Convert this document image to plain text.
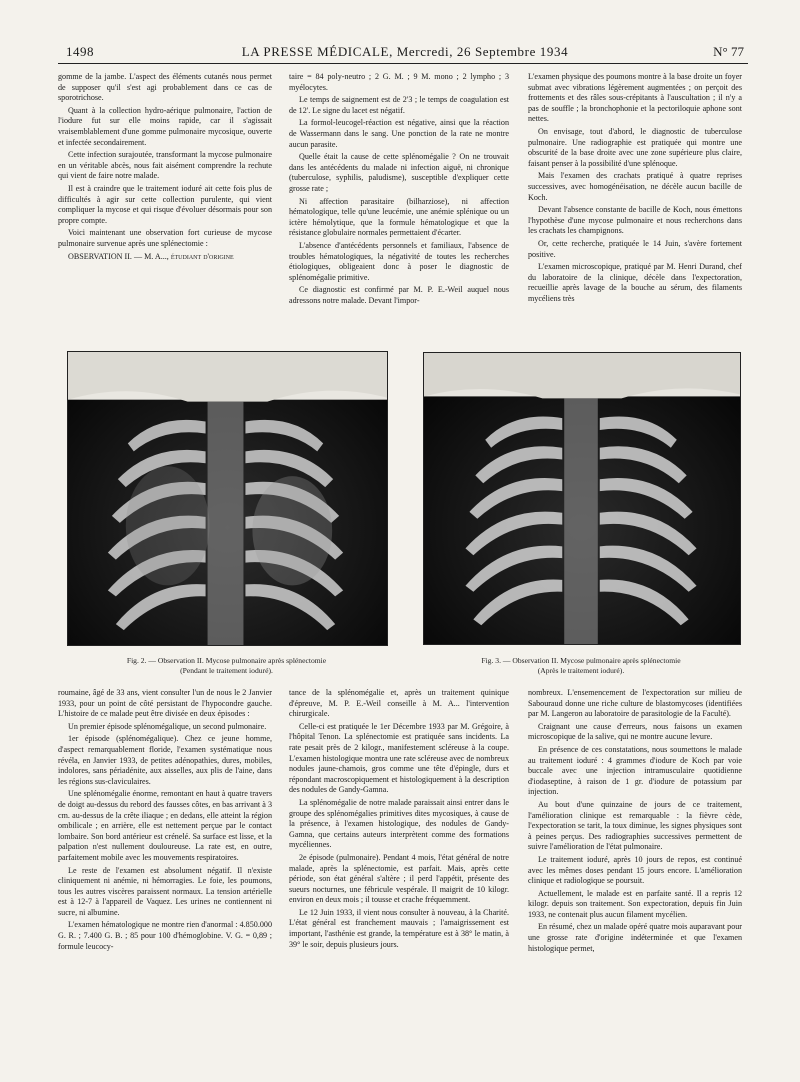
1498	LA PRESSE MÉDICALE, Mercredi, 26 Septembre 1934	N° 77

gomme de la jambe. L'aspect des éléments cutanés nous permet de supposer qu'il s'est agi probablement dans ce cas de sporotrichose.

Quant à la collection hydro-aérique pulmonaire, l'action de l'iodure fut sur elle moins rapide, car il s'agissait vraisemblablement d'une gomme pulmonaire mycosique, ouverte et infectée secondairement.

Cette infection surajoutée, transformant la mycose pulmonaire en un véritable abcès, nous fait aisément comprendre la rechute qui vient de faire notre malade.

Il est à craindre que le traitement ioduré ait cette fois plus de difficultés à agir sur cette collection purulente, qui vient compliquer la mycose et qui risque d'évoluer désormais pour son propre compte.

Voici maintenant une observation fort curieuse de mycose pulmonaire survenue après une splénectomie :

OBSERVATION II. — M. A..., étudiant d'origine

taire = 84 poly-neutro ; 2 G. M. ; 9 M. mono ; 2 lympho ; 3 myélocytes.

Le temps de saignement est de 2'3 ; le temps de coagulation est de 12'. Le signe du lacet est négatif.

La formol-leucogel-réaction est négative, ainsi que la réaction de Wassermann dans le sang. Une ponction de la rate ne montre aucun parasite.

Quelle était la cause de cette splénomégalie ? On ne trouvait dans les antécédents du malade ni infection aiguë, ni chronique (tuberculose, syphilis, paludisme), susceptible d'expliquer cette grosse rate ;

Ni affection parasitaire (bilharziose), ni affection hématologique, telle qu'une leucémie, une anémie splénique ou un ictère hémolytique, que la formule hématologique et que la résistance globulaire normales permettaient d'écarter.

L'absence d'antécédents personnels et familiaux, l'absence de troubles hématologiques, la négativité de toutes les recherches étiologiques, obligeaient donc à poser le diagnostic de splénomégalie primitive.

Ce diagnostic est confirmé par M. P. E.-Weil auquel nous adressons notre malade. Devant l'impor-

L'examen physique des poumons montre à la base droite un foyer submat avec vibrations légèrement augmentées ; on perçoit des frottements et des râles sous-crépitants à l'auscultation ; il n'y a pas de souffle ; la bronchophonie et la pectoriloquie aphone sont nettes.

On envisage, tout d'abord, le diagnostic de tuberculose pulmonaire. Une radiographie est pratiquée qui montre une obscurité de la base droite avec une zone supérieure plus claire, faisant penser à la possibilité d'une splénoque.

Mais l'examen des crachats pratiqué à quatre reprises successives, avec homogénéisation, ne décèle aucun bacille de Koch.

Devant l'absence constante de bacille de Koch, nous émettons l'hypothèse d'une mycose pulmonaire et nous recherchons dans les crachats les champignons.

Or, cette recherche, pratiquée le 14 Juin, s'avère fortement positive.

L'examen microscopique, pratiqué par M. Henri Durand, chef du laboratoire de la clinique, décèle dans l'expectoration, recueillie après lavage de la bouche au sérum, des filaments mycéliens très

Fig. 2. — Observation II. Mycose pulmonaire après splénectomie
(Pendant le traitement ioduré).
Fig. 3. — Observation II. Mycose pulmonaire après splénectomie
(Après le traitement ioduré).

roumaine, âgé de 33 ans, vient consulter l'un de nous le 2 Janvier 1933, pour un point de côté persistant de l'hypocondre gauche. L'histoire de ce malade peut être divisée en deux épisodes :

Un premier épisode splénomégalique, un second pulmonaire.

1er épisode (splénomégalique). Chez ce jeune homme, d'aspect remarquablement floride, l'examen systématique nous révéla, en Janvier 1933, de petites adénopathies, dures, mobiles, indolores, sans périadénite, aux aisselles, aux plis de l'aine, dans les régions sus-claviculaires.

Une splénomégalie énorme, remontant en haut à quatre travers de doigt au-dessus du rebord des fausses côtes, en bas arrivant à 3 cm. au-dessus de la crête iliaque ; en dedans, elle atteint la région ombilicale ; en arrière, elle est nettement perçue par le contact lombaire. Son bord antérieur est crénelé. Sa surface est lisse, et la palpation n'est nullement douloureuse. La rate est, en outre, parfaitement mobile avec les mouvements respiratoires.

Le reste de l'examen est absolument négatif. Il n'existe cliniquement ni anémie, ni hémorragies. Le foie, les poumons, tous les autres viscères paraissent normaux. La tension artérielle est à 12-7 à l'appareil de Vaquez. Les urines ne contiennent ni sucre, ni albumine.

L'examen hématologique ne montre rien d'anormal : 4.850.000 G. R. ; 7.400 G. B. ; 85 pour 100 d'hémoglobine. V. G. = 0,89 ; formule leucocy-

tance de la splénomégalie et, après un traitement quinique d'épreuve, M. P. E.-Weil conseille à M. A... l'intervention chirurgicale.

Celle-ci est pratiquée le 1er Décembre 1933 par M. Grégoire, à l'hôpital Tenon. La splénectomie est pratiquée sans incidents. La rate pesait près de 2 kilogr., manifestement scléreuse à la coupe. L'examen histologique montra une rate scléreuse avec de nombreux nodules jaune-chamois, gros comme une tête d'épingle, durs et répondant macroscopiquement et histologiquement à la description des nodules de Gandy-Gamna.

La splénomégalie de notre malade paraissait ainsi entrer dans le groupe des splénomégalies primitives dites mycosiques, à cause de la présence, à l'examen histologique, des nodules de Gandy-Gamna, que certains auteurs interprètent comme des formations mycéliennes.

2e épisode (pulmonaire). Pendant 4 mois, l'état général de notre malade, après la splénectomie, est parfait. Mais, après cette période, son état général s'altère ; il perd l'appétit, présente des sueurs nocturnes, une fébricule vespérale. Il maigrit de 10 kilogr. environ en deux mois ; il tousse et crache fréquemment.

Le 12 Juin 1933, il vient nous consulter à nouveau, à la Charité. L'état général est franchement mauvais ; l'amaigrissement est important, l'asthénie est grande, la température est à 38° le matin, à 39° le soir, depuis plusieurs jours.

nombreux. L'ensemencement de l'expectoration sur milieu de Sabouraud donne une riche culture de blastomycoses (identifiées par M. Langeron au laboratoire de parasitologie de la Faculté).

Craignant une cause d'erreurs, nous faisons un examen microscopique de la salive, qui ne montre aucune levure.

En présence de ces constatations, nous soumettons le malade au traitement ioduré : 4 grammes d'iodure de Koch par voie buccale avec une injection intramusculaire quotidienne d'iodaseptine, à raison de 1 gr. d'iodure de potassium par injection.

Au bout d'une quinzaine de jours de ce traitement, l'amélioration clinique est remarquable : la fièvre cède, l'expectoration se tarit, la toux diminue, les signes physiques sont à peines perçus. Des radiographies successives permettent de suivre l'amélioration de l'état pulmonaire.

Le traitement ioduré, après 10 jours de repos, est continué avec les mêmes doses pendant 15 jours encore. L'amélioration clinique et radiologique se poursuit.

Actuellement, le malade est en parfaite santé. Il a repris 12 kilogr. depuis son traitement. Son expectoration, depuis fin Juin 1933, ne contenait plus aucun filament mycélien.

En résumé, chez un malade opéré quatre mois auparavant pour une grosse rate d'origine indéterminée et que l'examen histologique permet,
